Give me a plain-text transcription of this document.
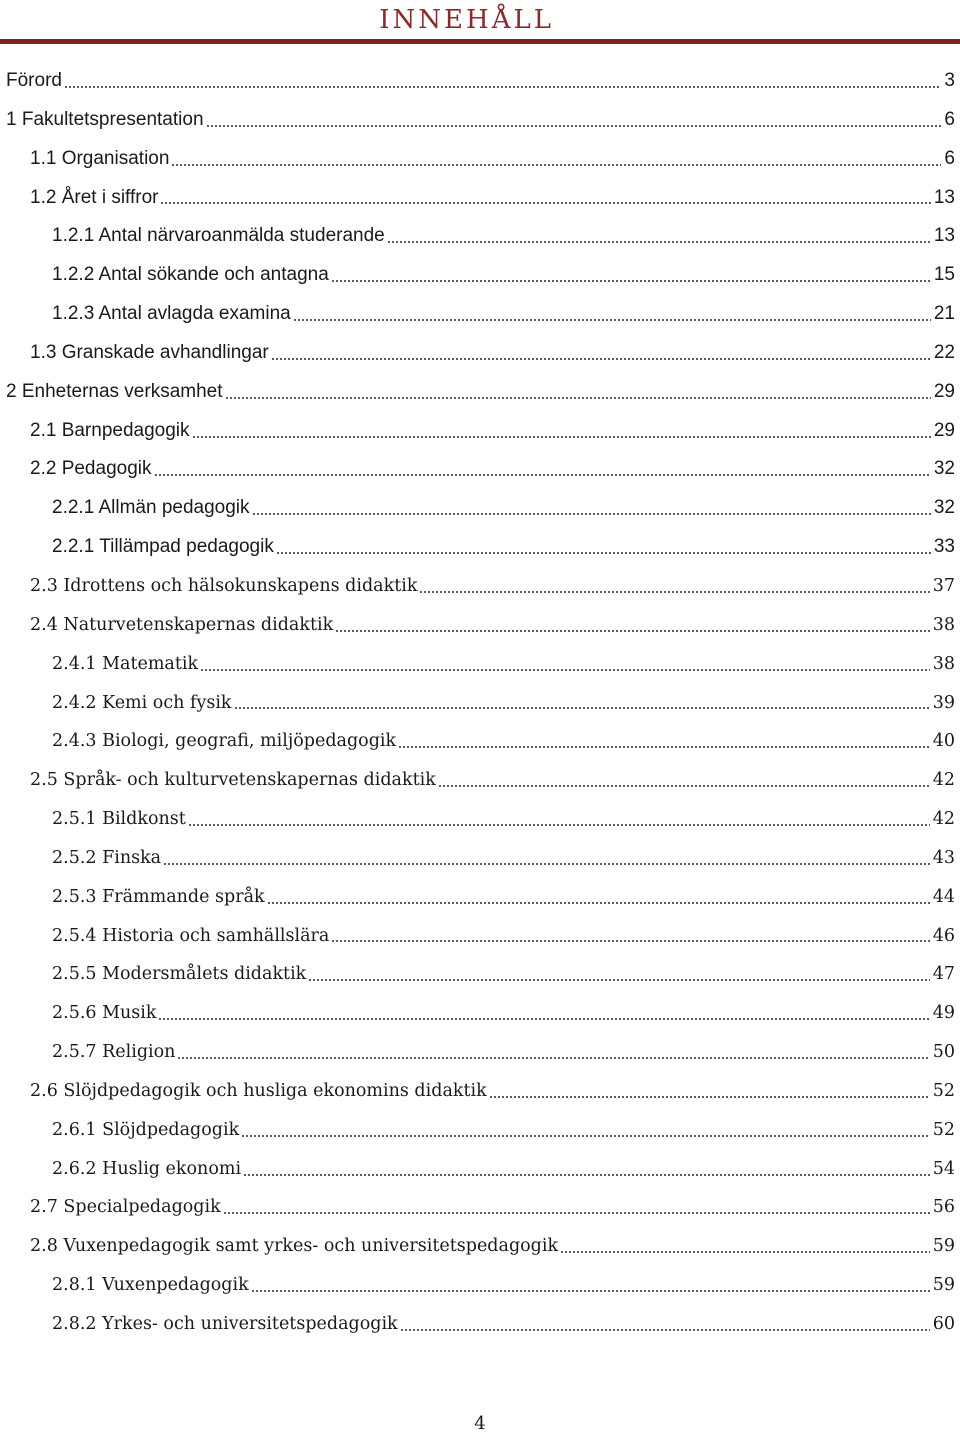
INNEHÅLL
Förord	3
1 Fakultetspresentation	6
1.1 Organisation	6
1.2 Året i siffror	13
1.2.1 Antal närvaroanmälda studerande	13
1.2.2 Antal sökande och antagna	15
1.2.3 Antal avlagda examina	21
1.3 Granskade avhandlingar	22
2 Enheternas verksamhet	29
2.1 Barnpedagogik	29
2.2 Pedagogik	32
2.2.1 Allmän pedagogik	32
2.2.1 Tillämpad pedagogik	33
2.3 Idrottens och hälsokunskapens didaktik	37
2.4 Naturvetenskapernas didaktik	38
2.4.1 Matematik	38
2.4.2 Kemi och fysik	39
2.4.3 Biologi, geografi, miljöpedagogik	40
2.5 Språk- och kulturvetenskapernas didaktik	42
2.5.1 Bildkonst	42
2.5.2 Finska	43
2.5.3 Främmande språk	44
2.5.4 Historia och samhällslära	46
2.5.5 Modersmålets didaktik	47
2.5.6 Musik	49
2.5.7 Religion	50
2.6 Slöjdpedagogik och husliga ekonomins didaktik	52
2.6.1 Slöjdpedagogik	52
2.6.2 Huslig ekonomi	54
2.7 Specialpedagogik	56
2.8 Vuxenpedagogik samt yrkes- och universitetspedagogik	59
2.8.1 Vuxenpedagogik	59
2.8.2 Yrkes- och universitetspedagogik	60
4
